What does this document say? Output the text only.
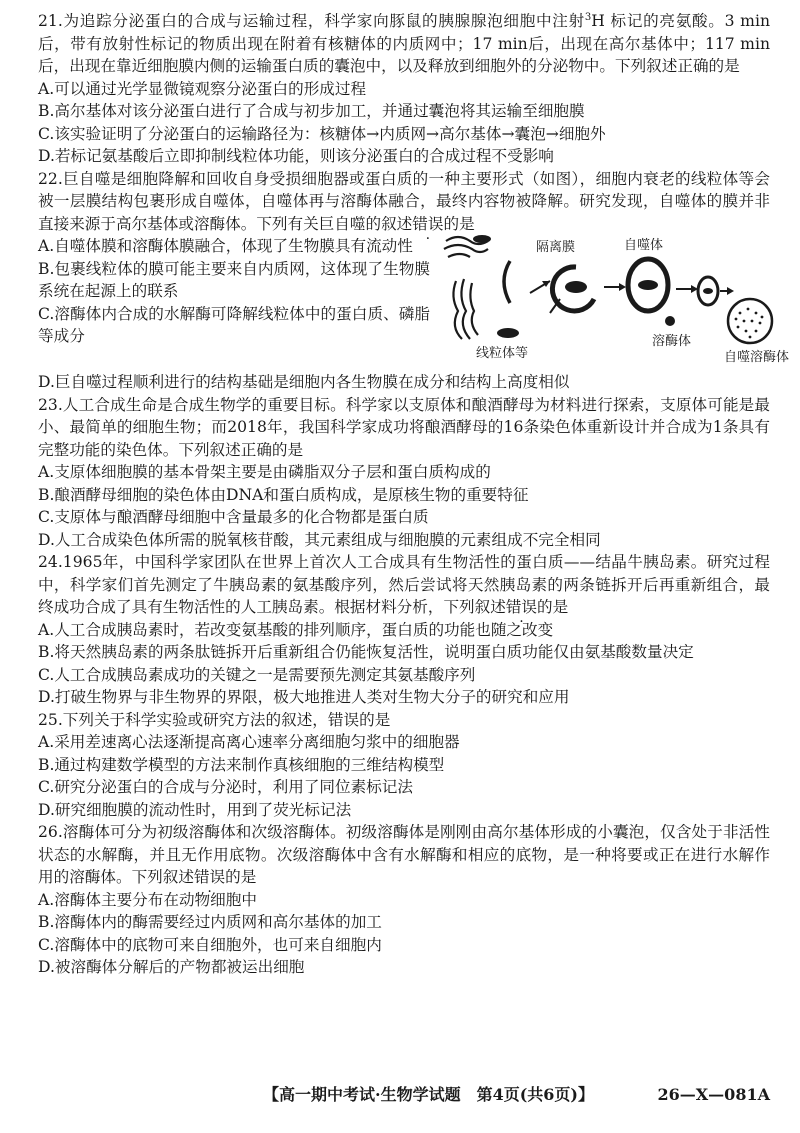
21.为追踪分泌蛋白的合成与运输过程，科学家向豚鼠的胰腺腺泡细胞中注射$^3$H 标记的亮氨酸。3 min后，带有放射性标记的物质出现在附着有核糖体的内质网中；17 min后，出现在高尔基体中；117 min后，出现在靠近细胞膜内侧的运输蛋白质的囊泡中，以及释放到细胞外的分泌物中。下列叙述正确的是

A.可以通过光学显微镜观察分泌蛋白的形成过程

B.高尔基体对该分泌蛋白进行了合成与初步加工，并通过囊泡将其运输至细胞膜

C.该实验证明了分泌蛋白的运输路径为：核糖体→内质网→高尔基体→囊泡→细胞外

D.若标记氨基酸后立即抑制线粒体功能，则该分泌蛋白的合成过程不受影响

22.巨自噬是细胞降解和回收自身受损细胞器或蛋白质的一种主要形式（如图），细胞内衰老的线粒体等会被一层膜结构包裹形成自噬体，自噬体再与溶酶体融合，最终内容物被降解。研究发现，自噬体的膜并非直接来源于高尔基体或溶酶体。下列有关巨自噬的叙述错误的是

A.自噬体膜和溶酶体膜融合，体现了生物膜具有流动性

B.包裹线粒体的膜可能主要来自内质网，这体现了生物膜系统在起源上的联系

C.溶酶体内合成的水解酶可降解线粒体中的蛋白质、磷脂等成分

隔离膜
线粒体等
自噬体
溶酶体
自噬溶酶体

D.巨自噬过程顺利进行的结构基础是细胞内各生物膜在成分和结构上高度相似

23.人工合成生命是合成生物学的重要目标。科学家以支原体和酿酒酵母为材料进行探索，支原体可能是最小、最简单的细胞生物；而2018年，我国科学家成功将酿酒酵母的16条染色体重新设计并合成为1条具有完整功能的染色体。下列叙述正确的是

A.支原体细胞膜的基本骨架主要是由磷脂双分子层和蛋白质构成的

B.酿酒酵母细胞的染色体由DNA和蛋白质构成，是原核生物的重要特征

C.支原体与酿酒酵母细胞中含量最多的化合物都是蛋白质

D.人工合成染色体所需的脱氧核苷酸，其元素组成与细胞膜的元素组成不完全相同

24.1965年，中国科学家团队在世界上首次人工合成具有生物活性的蛋白质——结晶牛胰岛素。研究过程中，科学家们首先测定了牛胰岛素的氨基酸序列，然后尝试将天然胰岛素的两条链拆开后再重新组合，最终成功合成了具有生物活性的人工胰岛素。根据材料分析，下列叙述错误的是

A.人工合成胰岛素时，若改变氨基酸的排列顺序，蛋白质的功能也随之改变

B.将天然胰岛素的两条肽链拆开后重新组合仍能恢复活性，说明蛋白质功能仅由氨基酸数量决定

C.人工合成胰岛素成功的关键之一是需要预先测定其氨基酸序列

D.打破生物界与非生物界的界限，极大地推进人类对生物大分子的研究和应用

25.下列关于科学实验或研究方法的叙述，错误的是

A.采用差速离心法逐渐提高离心速率分离细胞匀浆中的细胞器

B.通过构建数学模型的方法来制作真核细胞的三维结构模型

C.研究分泌蛋白的合成与分泌时，利用了同位素标记法

D.研究细胞膜的流动性时，用到了荧光标记法

26.溶酶体可分为初级溶酶体和次级溶酶体。初级溶酶体是刚刚由高尔基体形成的小囊泡，仅含处于非活性状态的水解酶，并且无作用底物。次级溶酶体中含有水解酶和相应的底物，是一种将要或正在进行水解作用的溶酶体。下列叙述错误的是

A.溶酶体主要分布在动物细胞中

B.溶酶体内的酶需要经过内质网和高尔基体的加工

C.溶酶体中的底物可来自细胞外，也可来自细胞内

D.被溶酶体分解后的产物都被运出细胞

【高一期中考试·生物学试题　第4页(共6页)】	26—X—081A
